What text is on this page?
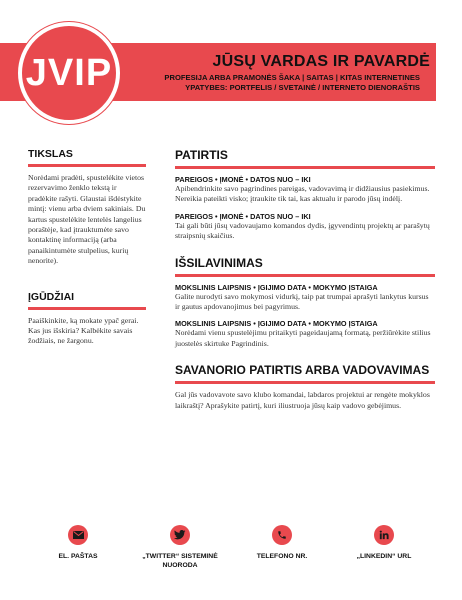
JVIP	JŪSŲ VARDAS IR PAVARDĖ
PROFESIJA ARBA PRAMONĖS ŠAKA | SAITAS | KITAS INTERNETINES YPATYBES: PORTFELIS / SVETAINĖ / INTERNETO DIENORAŠTIS
TIKSLAS
Norėdami pradėti, spustelėkite vietos rezervavimo ženklo tekstą ir pradėkite rašyti. Glaustai išdėstykite mintį: vienu arba dviem sakiniais. Du kartus spustelėkite lentelės langelius poraštėje, kad įtrauktumėte savo kontaktinę informaciją (arba panaikintumėte stulpelius, kurių nenorite).
ĮGŪDŽIAI
Paaiškinkite, ką mokate ypač gerai. Kas jus išskiria? Kalbėkite savais žodžiais, ne žargonu.
PATIRTIS
PAREIGOS • ĮMONĖ • DATOS NUO – IKI
Apibendrinkite savo pagrindines pareigas, vadovavimą ir didžiausius pasiekimus. Nereikia pateikti visko; įtraukite tik tai, kas aktualu ir parodo jūsų indėlį.
PAREIGOS • ĮMONĖ • DATOS NUO – IKI
Tai gali būti jūsų vadovaujamo komandos dydis, įgyvendintų projektų ar parašytų straipsnių skaičius.
IŠSILAVINIMAS
MOKSLINIS LAIPSNIS • ĮGIJIMO DATA • MOKYMO ĮSTAIGA
Galite nurodyti savo mokymosi vidurkį, taip pat trumpai aprašyti lankytus kursus ir gautus apdovanojimus bei pagyrimus.
MOKSLINIS LAIPSNIS • ĮGIJIMO DATA • MOKYMO ĮSTAIGA
Norėdami vienu spustelėjimu pritaikyti pageidaujamą formatą, peržiūrėkite stilius juostelės skirtuke Pagrindinis.
SAVANORIO PATIRTIS ARBA VADOVAVIMAS
Gal jūs vadovavote savo klubo komandai, labdaros projektui ar rengėte mokyklos laikraštį? Aprašykite patirtį, kuri iliustruoja jūsų kaip vadovo gebėjimus.
EL. PAŠTAS	„TWITTER“ SISTEMINĖ NUORODA
TELEFONO NR.	„LINKEDIN“ URL
